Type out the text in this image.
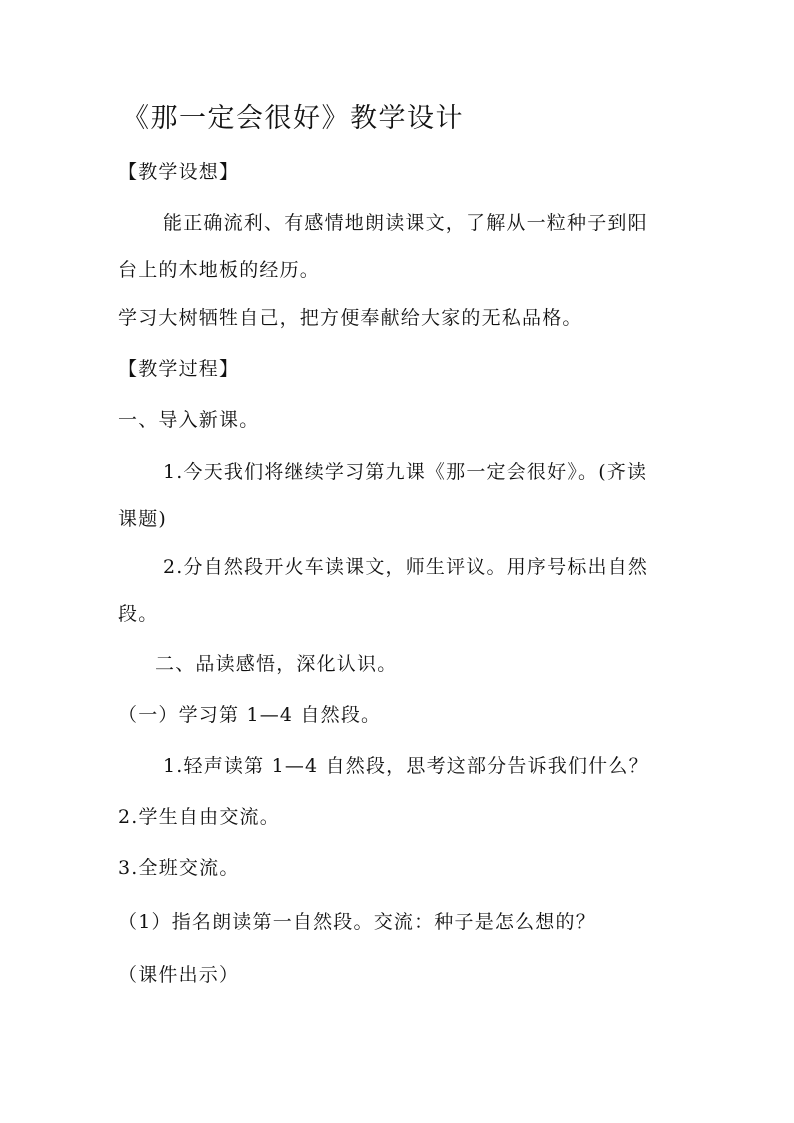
《那一定会很好》教学设计
【教学设想】
能正确流利、有感情地朗读课文，了解从一粒种子到阳
台上的木地板的经历。
学习大树牺牲自己，把方便奉献给大家的无私品格。
【教学过程】
一、导入新课。
1.今天我们将继续学习第九课《那一定会很好》。(齐读
课题)
2.分自然段开火车读课文，师生评议。用序号标出自然
段。
二、品读感悟，深化认识。
（一）学习第 1—4 自然段。
1.轻声读第 1—4 自然段，思考这部分告诉我们什么？
2.学生自由交流。
3.全班交流。
（1）指名朗读第一自然段。交流：种子是怎么想的？
（课件出示）
